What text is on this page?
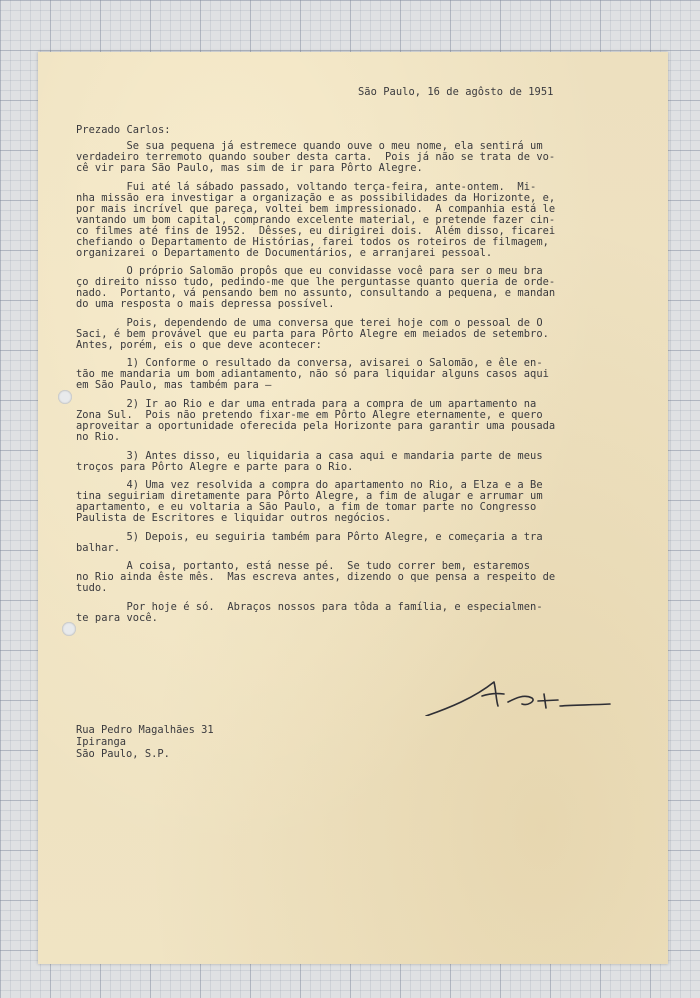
São Paulo, 16 de agôsto de 1951
Prezado Carlos:
Se sua pequena já estremece quando ouve o meu nome, ela sentirá um
verdadeiro terremoto quando souber desta carta.  Pois já não se trata de vo-
cê vir para São Paulo, mas sim de ir para Pôrto Alegre.
Fui até lá sábado passado, voltando terça-feira, ante-ontem.  Mi-
nha missão era investigar a organização e as possibilidades da Horizonte, e,
por mais incrível que pareça, voltei bem impressionado.  A companhia está le
vantando um bom capital, comprando excelente material, e pretende fazer cin-
co filmes até fins de 1952.  Dêsses, eu dirigirei dois.  Além disso, ficarei
chefiando o Departamento de Histórias, farei todos os roteiros de filmagem,
organizarei o Departamento de Documentários, e arranjarei pessoal.
O próprio Salomão propôs que eu convidasse você para ser o meu bra
ço direito nisso tudo, pedindo-me que lhe perguntasse quanto queria de orde-
nado.  Portanto, vá pensando bem no assunto, consultando a pequena, e mandan
do uma resposta o mais depressa possível.
Pois, dependendo de uma conversa que terei hoje com o pessoal de O
Saci, é bem provável que eu parta para Pôrto Alegre em meiados de setembro.
Antes, porém, eis o que deve acontecer:
1) Conforme o resultado da conversa, avisarei o Salomão, e êle en-
tão me mandaria um bom adiantamento, não só para liquidar alguns casos aqui
em São Paulo, mas também para —
2) Ir ao Rio e dar uma entrada para a compra de um apartamento na
Zona Sul.  Pois não pretendo fixar-me em Pôrto Alegre eternamente, e quero
aproveitar a oportunidade oferecida pela Horizonte para garantir uma pousada
no Rio.
3) Antes disso, eu liquidaria a casa aqui e mandaria parte de meus
troços para Pôrto Alegre e parte para o Rio.
4) Uma vez resolvida a compra do apartamento no Rio, a Elza e a Be
tina seguiriam diretamente para Pôrto Alegre, a fim de alugar e arrumar um
apartamento, e eu voltaria a São Paulo, a fim de tomar parte no Congresso
Paulista de Escritores e liquidar outros negócios.
5) Depois, eu seguiria também para Pôrto Alegre, e começaria a tra
balhar.
A coisa, portanto, está nesse pé.  Se tudo correr bem, estaremos
no Rio ainda êste mês.  Mas escreva antes, dizendo o que pensa a respeito de
tudo.
Por hoje é só.  Abraços nossos para tôda a família, e especialmen-
te para você.
Rua Pedro Magalhães 31
Ipiranga
São Paulo, S.P.
